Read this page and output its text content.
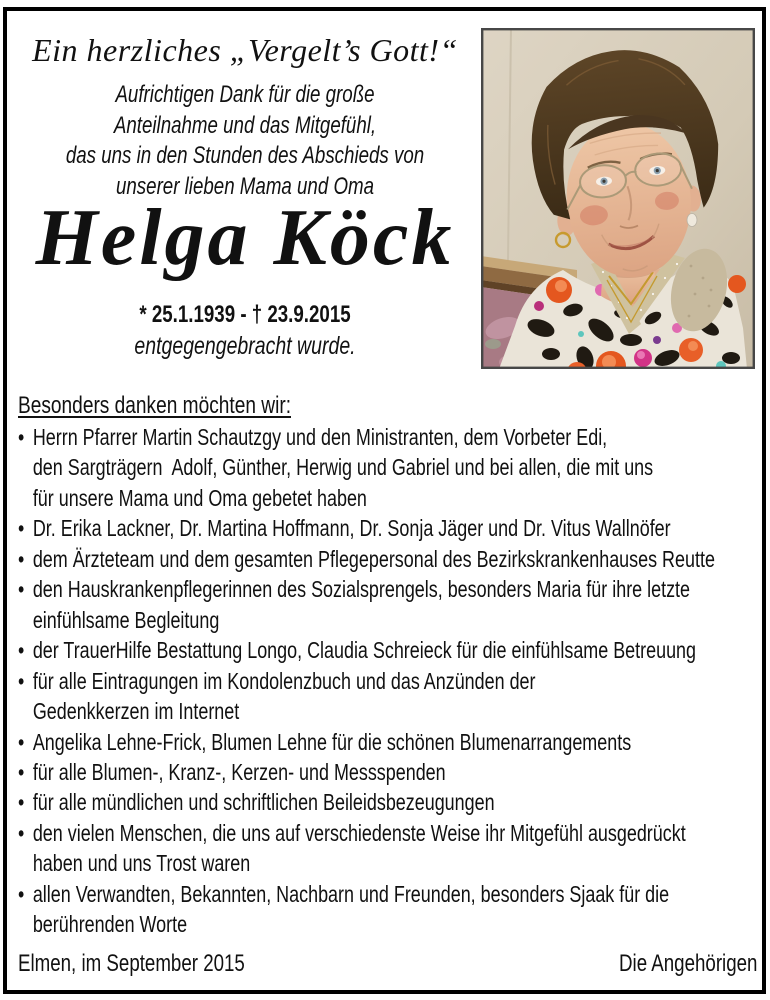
Ein herzliches „Vergelt’s Gott!“
Aufrichtigen Dank für die große
Anteilnahme und das Mitgefühl,
das uns in den Stunden des Abschieds von
unserer lieben Mama und Oma
Helga Köck
* 25.1.1939 - † 23.9.2015
entgegengebracht wurde.
Besonders danken möchten wir:
• Herrn Pfarrer Martin Schautzgy und den Ministranten, dem Vorbeter Edi,
den Sargträgern  Adolf, Günther, Herwig und Gabriel und bei allen, die mit uns
für unsere Mama und Oma gebetet haben
• Dr. Erika Lackner, Dr. Martina Hoffmann, Dr. Sonja Jäger und Dr. Vitus Wallnöfer
• dem Ärzteteam und dem gesamten Pflegepersonal des Bezirkskrankenhauses Reutte
• den Hauskrankenpflegerinnen des Sozialsprengels, besonders Maria für ihre letzte
einfühlsame Begleitung
• der TrauerHilfe Bestattung Longo, Claudia Schreieck für die einfühlsame Betreuung
• für alle Eintragungen im Kondolenzbuch und das Anzünden der
Gedenkkerzen im Internet
• Angelika Lehne-Frick, Blumen Lehne für die schönen Blumenarrangements
• für alle Blumen-, Kranz-, Kerzen- und Messspenden
• für alle mündlichen und schriftlichen Beileidsbezeugungen
• den vielen Menschen, die uns auf verschiedenste Weise ihr Mitgefühl ausgedrückt
haben und uns Trost waren
• allen Verwandten, Bekannten, Nachbarn und Freunden, besonders Sjaak für die
berührenden Worte
Elmen, im September 2015	Die Angehörigen
